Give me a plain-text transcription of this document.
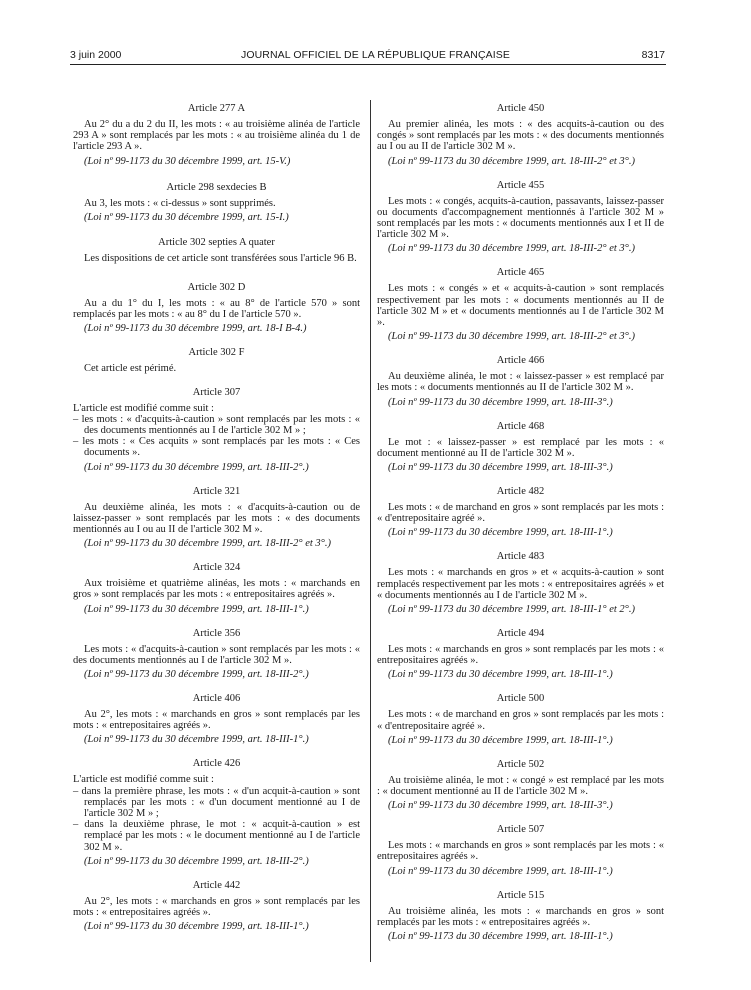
3 juin 2000	JOURNAL OFFICIEL DE LA RÉPUBLIQUE FRANÇAISE	8317

Article 277 A

Au 2° du a du 2 du II, les mots : « au troisième alinéa de l'article 293 A » sont remplacés par les mots : « au troisième alinéa du 1 de l'article 293 A ».

(Loi nº 99-1173 du 30 décembre 1999, art. 15-V.)

Article 298 sexdecies B

Au 3, les mots : « ci-dessus » sont supprimés.

(Loi nº 99-1173 du 30 décembre 1999, art. 15-I.)

Article 302 septies A quater

Les dispositions de cet article sont transférées sous l'article 96 B.

Article 302 D

Au a du 1° du I, les mots : « au 8° de l'article 570 » sont remplacés par les mots : « au 8° du I de l'article 570 ».

(Loi nº 99-1173 du 30 décembre 1999, art. 18-I B-4.)

Article 302 F

Cet article est périmé.

Article 307

L'article est modifié comme suit :

– les mots : « d'acquits-à-caution » sont remplacés par les mots : « des documents mentionnés au I de l'article 302 M » ;
– les mots : « Ces acquits » sont remplacés par les mots : « Ces documents ».

(Loi nº 99-1173 du 30 décembre 1999, art. 18-III-2°.)

Article 321

Au deuxième alinéa, les mots : « d'acquits-à-caution ou de laissez-passer » sont remplacés par les mots : « des documents mentionnés au I ou au II de l'article 302 M ».

(Loi nº 99-1173 du 30 décembre 1999, art. 18-III-2° et 3°.)

Article 324

Aux troisième et quatrième alinéas, les mots : « marchands en gros » sont remplacés par les mots : « entrepositaires agréés ».

(Loi nº 99-1173 du 30 décembre 1999, art. 18-III-1°.)

Article 356

Les mots : « d'acquits-à-caution » sont remplacés par les mots : « des documents mentionnés au I de l'article 302 M ».

(Loi nº 99-1173 du 30 décembre 1999, art. 18-III-2°.)

Article 406

Au 2°, les mots : « marchands en gros » sont remplacés par les mots : « entrepositaires agréés ».

(Loi nº 99-1173 du 30 décembre 1999, art. 18-III-1°.)

Article 426

L'article est modifié comme suit :

– dans la première phrase, les mots : « d'un acquit-à-caution » sont remplacés par les mots : « d'un document mentionné au I de l'article 302 M » ;
– dans la deuxième phrase, le mot : « acquit-à-caution » est remplacé par les mots : « le document mentionné au I de l'article 302 M ».

(Loi nº 99-1173 du 30 décembre 1999, art. 18-III-2°.)

Article 442

Au 2°, les mots : « marchands en gros » sont remplacés par les mots : « entrepositaires agréés ».

(Loi nº 99-1173 du 30 décembre 1999, art. 18-III-1°.)

Article 450

Au premier alinéa, les mots : « des acquits-à-caution ou des congés » sont remplacés par les mots : « des documents mentionnés au I ou au II de l'article 302 M ».

(Loi nº 99-1173 du 30 décembre 1999, art. 18-III-2° et 3°.)

Article 455

Les mots : « congés, acquits-à-caution, passavants, laissez-passer ou documents d'accompagnement mentionnés à l'article 302 M » sont remplacés par les mots : « documents mentionnés aux I et II de l'article 302 M ».

(Loi nº 99-1173 du 30 décembre 1999, art. 18-III-2° et 3°.)

Article 465

Les mots : « congés » et « acquits-à-caution » sont remplacés respectivement par les mots : « documents mentionnés au II de l'article 302 M » et « documents mentionnés au I de l'article 302 M ».

(Loi nº 99-1173 du 30 décembre 1999, art. 18-III-2° et 3°.)

Article 466

Au deuxième alinéa, le mot : « laissez-passer » est remplacé par les mots : « documents mentionnés au II de l'article 302 M ».

(Loi nº 99-1173 du 30 décembre 1999, art. 18-III-3°.)

Article 468

Le mot : « laissez-passer » est remplacé par les mots : « document mentionné au II de l'article 302 M ».

(Loi nº 99-1173 du 30 décembre 1999, art. 18-III-3°.)

Article 482

Les mots : « de marchand en gros » sont remplacés par les mots : « d'entrepositaire agréé ».

(Loi nº 99-1173 du 30 décembre 1999, art. 18-III-1°.)

Article 483

Les mots : « marchands en gros » et « acquits-à-caution » sont remplacés respectivement par les mots : « entrepositaires agréés » et « documents mentionnés au I de l'article 302 M ».

(Loi nº 99-1173 du 30 décembre 1999, art. 18-III-1° et 2°.)

Article 494

Les mots : « marchands en gros » sont remplacés par les mots : « entrepositaires agréés ».

(Loi nº 99-1173 du 30 décembre 1999, art. 18-III-1°.)

Article 500

Les mots : « de marchand en gros » sont remplacés par les mots : « d'entrepositaire agréé ».

(Loi nº 99-1173 du 30 décembre 1999, art. 18-III-1°.)

Article 502

Au troisième alinéa, le mot : « congé » est remplacé par les mots : « document mentionné au II de l'article 302 M ».

(Loi nº 99-1173 du 30 décembre 1999, art. 18-III-3°.)

Article 507

Les mots : « marchands en gros » sont remplacés par les mots : « entrepositaires agréés ».

(Loi nº 99-1173 du 30 décembre 1999, art. 18-III-1°.)

Article 515

Au troisième alinéa, les mots : « marchands en gros » sont remplacés par les mots : « entrepositaires agréés ».

(Loi nº 99-1173 du 30 décembre 1999, art. 18-III-1°.)
